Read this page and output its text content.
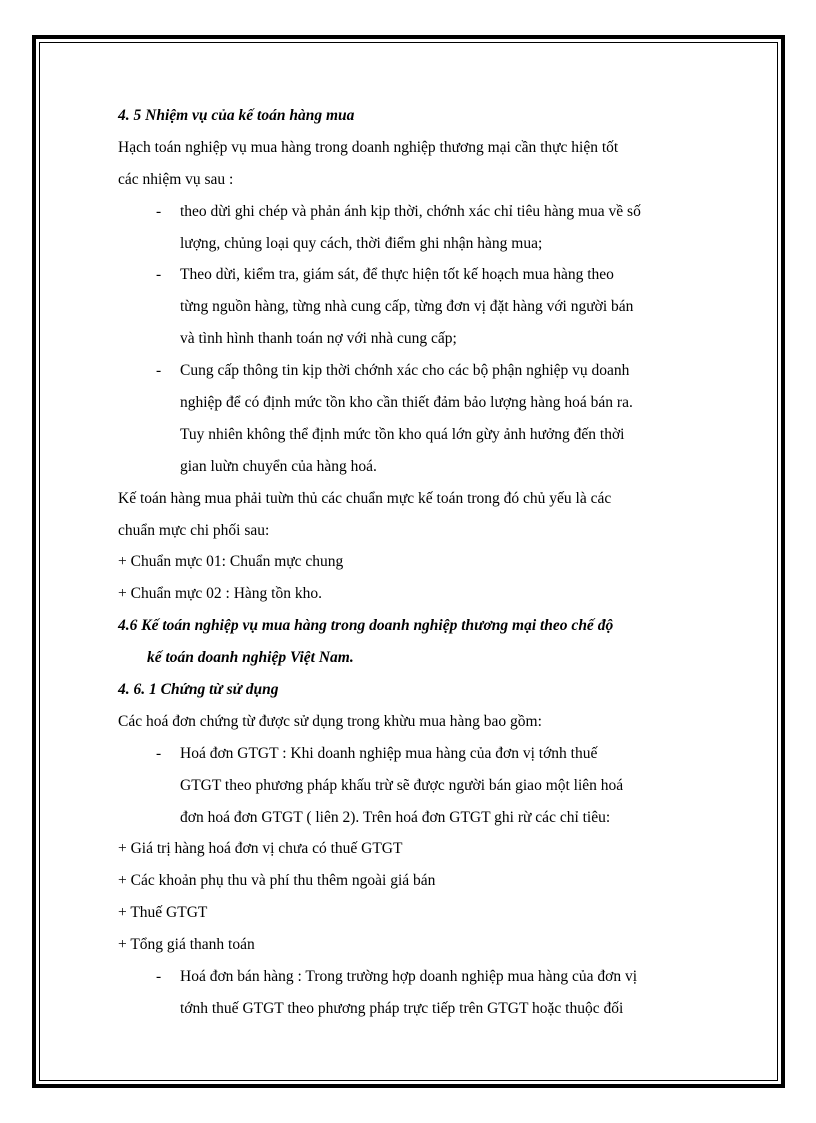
4. 5 Nhiệm vụ của kế toán hàng mua
Hạch toán nghiệp vụ mua hàng trong doanh nghiệp thương mại cần thực hiện tốt
các nhiệm vụ sau :
- theo dừi ghi chép và phản ánh kịp thời, chớnh xác chỉ tiêu hàng mua về số
lượng, chủng loại quy cách, thời điểm ghi nhận hàng mua;
- Theo dừi, kiểm tra, giám sát, để thực hiện tốt kế hoạch mua hàng theo
từng nguồn hàng, từng nhà cung cấp, từng đơn vị đặt hàng với người bán
và tình hình thanh toán nợ với nhà cung cấp;
- Cung cấp thông tin kịp thời chớnh xác cho các bộ phận nghiệp vụ doanh
nghiệp để có định mức tồn kho cần thiết đảm bảo lượng hàng hoá bán ra.
Tuy nhiên không thể định mức tồn kho quá lớn gừy ảnh hưởng đến thời
gian luừn chuyển của hàng hoá.
Kế toán hàng mua phải tuừn thủ các chuẩn mực kế toán trong đó chủ yếu là các
chuẩn mực chi phối sau:
+ Chuẩn mực 01: Chuẩn mực chung
+ Chuẩn mực 02 : Hàng tồn kho.
4.6 Kế toán nghiệp vụ mua hàng trong doanh nghiệp thương mại theo chế độ
kế toán doanh nghiệp Việt Nam.
4. 6. 1 Chứng từ sử dụng
Các hoá đơn chứng từ được sử dụng trong khừu mua hàng bao gồm:
- Hoá đơn GTGT : Khi doanh nghiệp mua hàng của đơn vị tớnh thuế
GTGT theo phương pháp khấu trừ sẽ được người bán giao một liên hoá
đơn hoá đơn GTGT ( liên 2). Trên hoá đơn GTGT ghi rừ các chỉ tiêu:
+ Giá trị hàng hoá đơn vị chưa có thuế GTGT
+ Các khoản phụ thu và phí thu thêm ngoài giá bán
+ Thuế GTGT
+ Tổng giá thanh toán
- Hoá đơn bán hàng : Trong trường hợp doanh nghiệp mua hàng của đơn vị
tớnh thuế GTGT theo phương pháp trực tiếp trên GTGT hoặc thuộc đối
